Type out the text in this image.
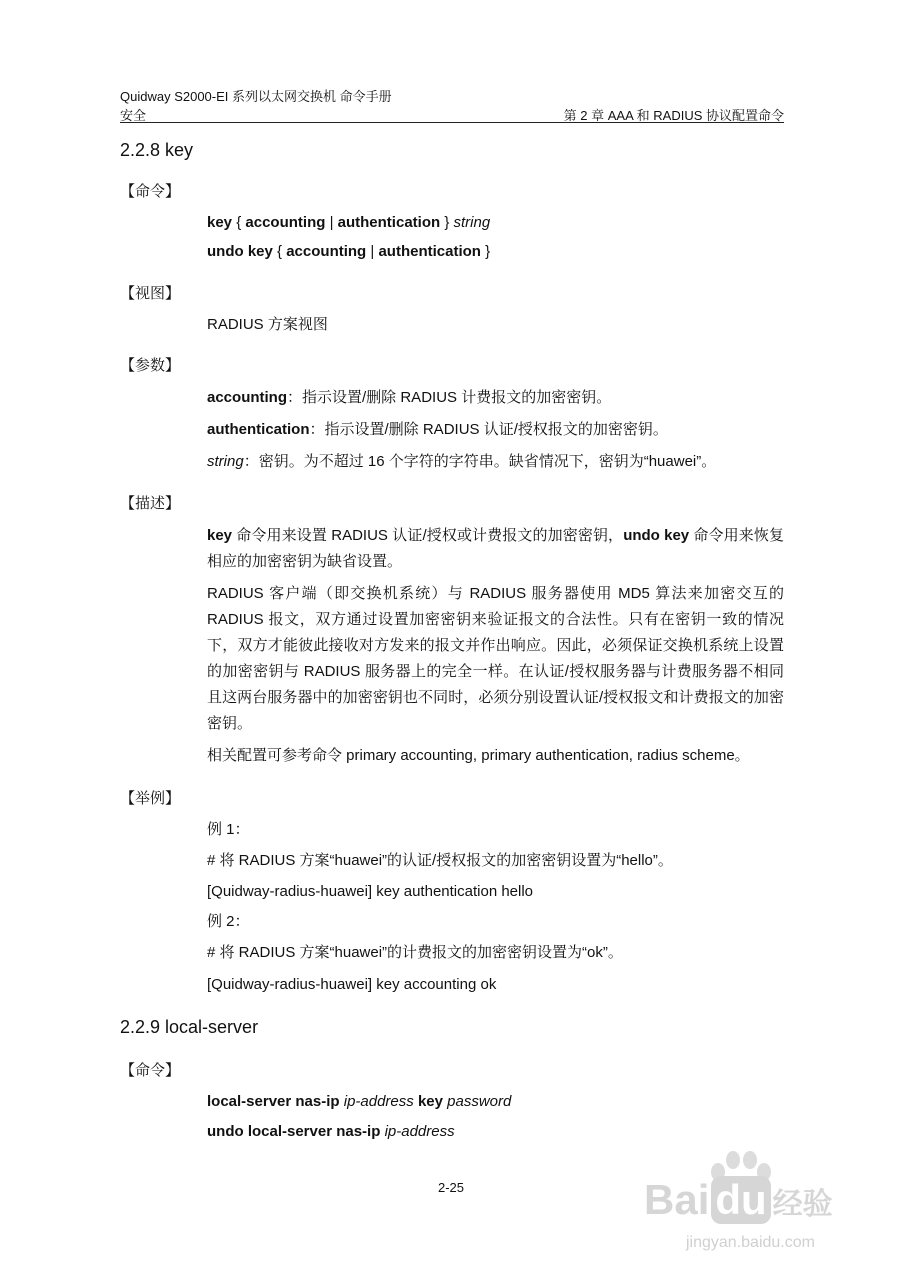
Quidway S2000-EI 系列以太网交换机 命令手册
安全	第 2 章 AAA 和 RADIUS 协议配置命令
2.2.8 key
【命令】
key { accounting | authentication } string
undo key { accounting | authentication }
【视图】
RADIUS 方案视图
【参数】
accounting：指示设置/删除 RADIUS 计费报文的加密密钥。
authentication：指示设置/删除 RADIUS 认证/授权报文的加密密钥。
string：密钥。为不超过 16 个字符的字符串。缺省情况下，密钥为“huawei”。
【描述】
key 命令用来设置 RADIUS 认证/授权或计费报文的加密密钥，undo key 命令用来恢复相应的加密密钥为缺省设置。
RADIUS 客户端（即交换机系统）与 RADIUS 服务器使用 MD5 算法来加密交互的 RADIUS 报文，双方通过设置加密密钥来验证报文的合法性。只有在密钥一致的情况下，双方才能彼此接收对方发来的报文并作出响应。因此，必须保证交换机系统上设置的加密密钥与 RADIUS 服务器上的完全一样。在认证/授权服务器与计费服务器不相同且这两台服务器中的加密密钥也不同时，必须分别设置认证/授权报文和计费报文的加密密钥。
相关配置可参考命令 primary accounting, primary authentication, radius scheme。
【举例】
例 1：
# 将 RADIUS 方案“huawei”的认证/授权报文的加密密钥设置为“hello”。
[Quidway-radius-huawei] key authentication hello
例 2：
# 将 RADIUS 方案“huawei”的计费报文的加密密钥设置为“ok”。
[Quidway-radius-huawei] key accounting ok
2.2.9 local-server
【命令】
local-server nas-ip ip-address key password
undo local-server nas-ip ip-address
2-25	Bai du 经验
jingyan.baidu.com
